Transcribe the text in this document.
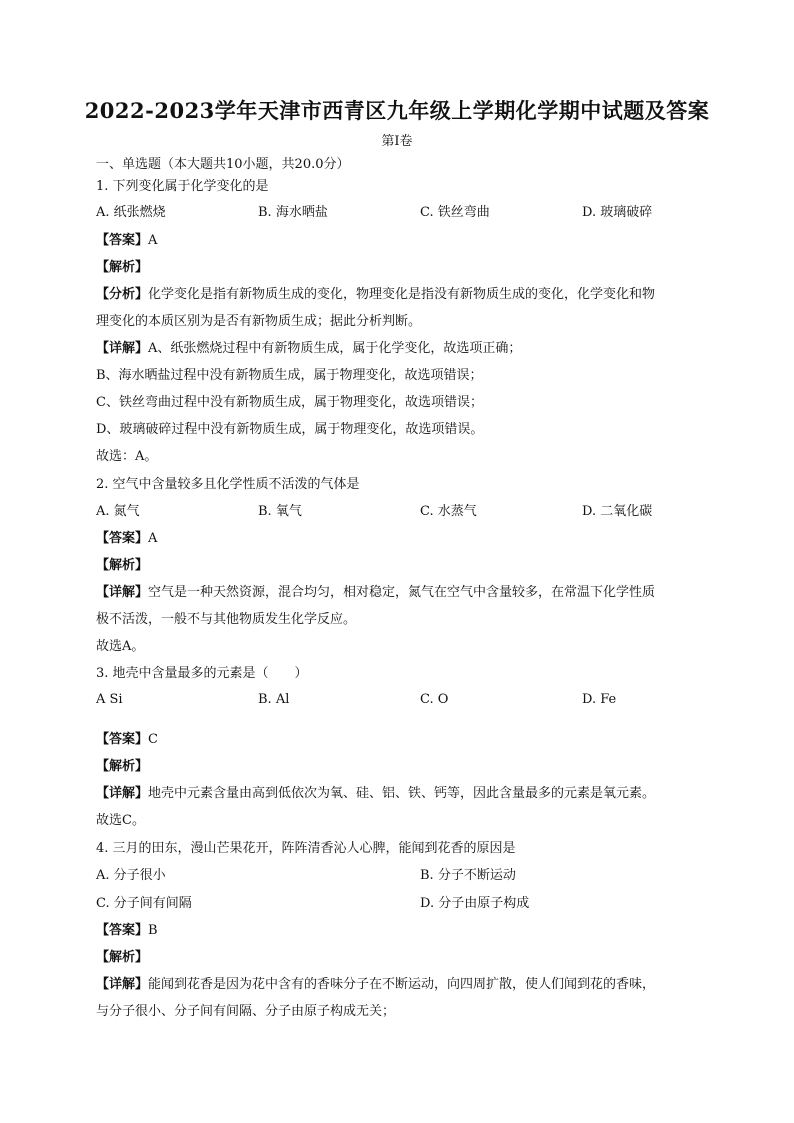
2022-2023学年天津市西青区九年级上学期化学期中试题及答案
第I卷
一、单选题（本大题共10小题，共20.0分）
1. 下列变化属于化学变化的是
A. 纸张燃烧	B. 海水晒盐	C. 铁丝弯曲	D. 玻璃破碎
【答案】A
【解析】
【分析】化学变化是指有新物质生成的变化，物理变化是指没有新物质生成的变化，化学变化和物
理变化的本质区别为是否有新物质生成；据此分析判断。
【详解】A、纸张燃烧过程中有新物质生成，属于化学变化，故选项正确；
B、海水晒盐过程中没有新物质生成，属于物理变化，故选项错误；
C、铁丝弯曲过程中没有新物质生成，属于物理变化，故选项错误；
D、玻璃破碎过程中没有新物质生成，属于物理变化，故选项错误。
故选：A。
2. 空气中含量较多且化学性质不活泼的气体是
A. 氮气	B. 氧气	C. 水蒸气	D. 二氧化碳
【答案】A
【解析】
【详解】空气是一种天然资源，混合均匀，相对稳定，氮气在空气中含量较多，在常温下化学性质
极不活泼，一般不与其他物质发生化学反应。
故选A。
3. 地壳中含量最多的元素是（　　）
A Si	B. Al	C. O	D. Fe
【答案】C
【解析】
【详解】地壳中元素含量由高到低依次为氧、硅、铝、铁、钙等，因此含量最多的元素是氧元素。
故选C。
4. 三月的田东，漫山芒果花开，阵阵清香沁人心脾，能闻到花香的原因是
A. 分子很小	B. 分子不断运动
C. 分子间有间隔	D. 分子由原子构成
【答案】B
【解析】
【详解】能闻到花香是因为花中含有的香味分子在不断运动，向四周扩散，使人们闻到花的香味，
与分子很小、分子间有间隔、分子由原子构成无关；
